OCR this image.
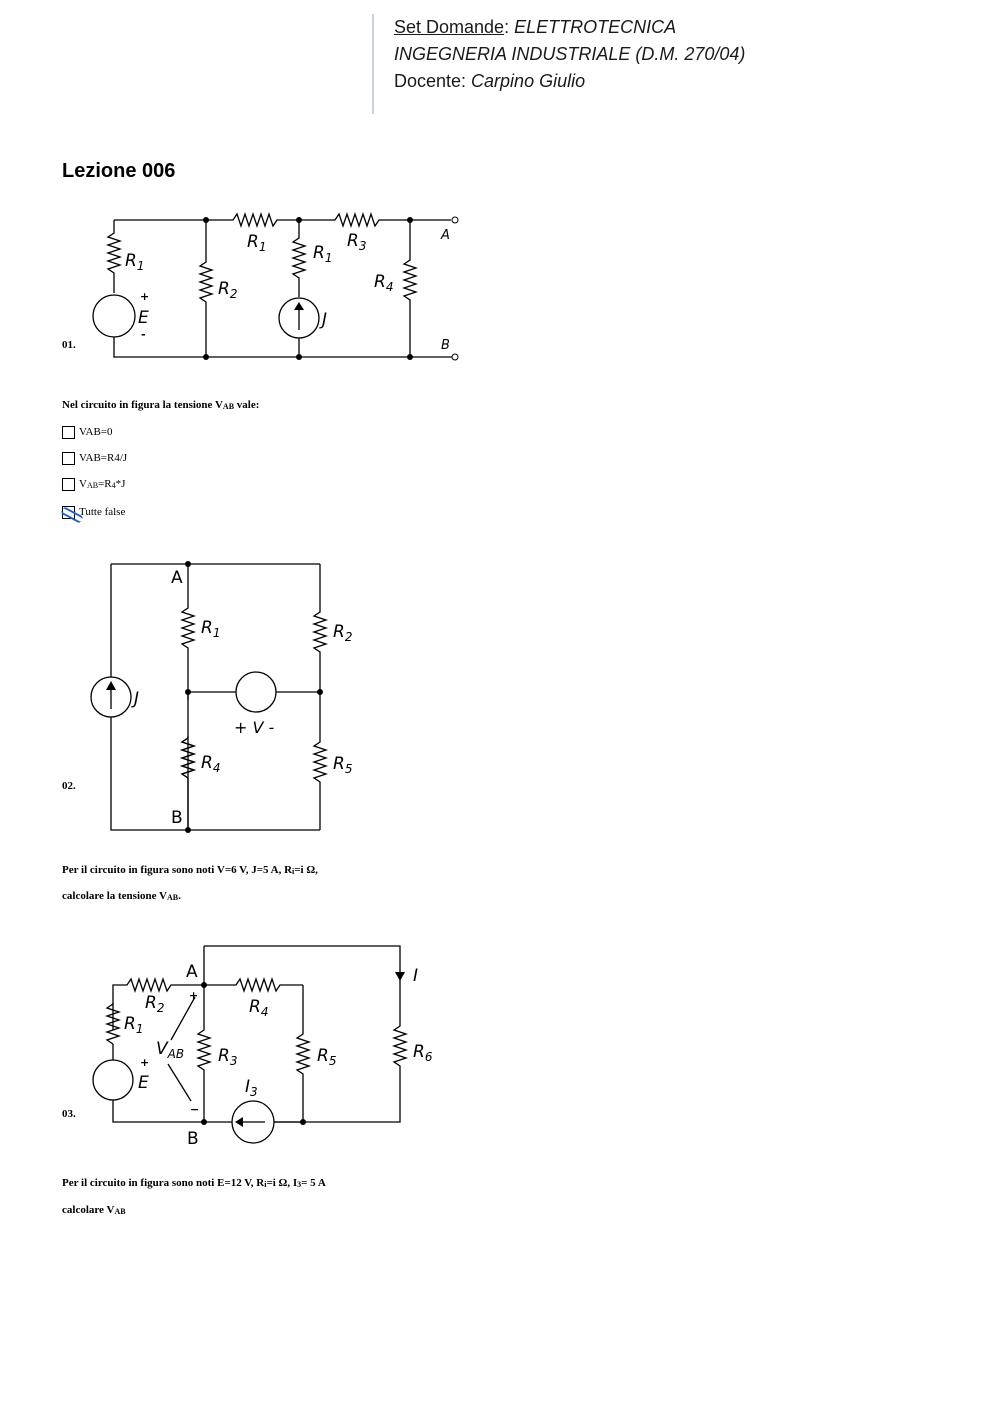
Set Domande: ELETTROTECNICA
INGEGNERIA INDUSTRIALE (D.M. 270/04)
Docente: Carpino Giulio
Lezione 006
$R_1$
$R_1$	$R_1$
$R_3$
$R_2$
$R_4$
E	J
A
B
+
-
01.
Nel circuito in figura la tensione VAB vale:
VAB=0
VAB=R4/J
V AB =R 4 *J
Tutte false
A
B
$R_1$	$R_2$
$R_4$	$R_5$
J
+ V -
02.
Per il circuito in figura sono noti V=6 V, J=5 A, Ri=i Ω,
calcolare la tensione VAB.
A
B
$R_2$
$R_1$
$R_4$
$R_3$	$R_5$	$R_6$
I
$I_3$
$V_{AB}$
E
+
−
+
03.
Per il circuito in figura sono noti E=12 V, Ri=i Ω, I3= 5 A
calcolare VAB
